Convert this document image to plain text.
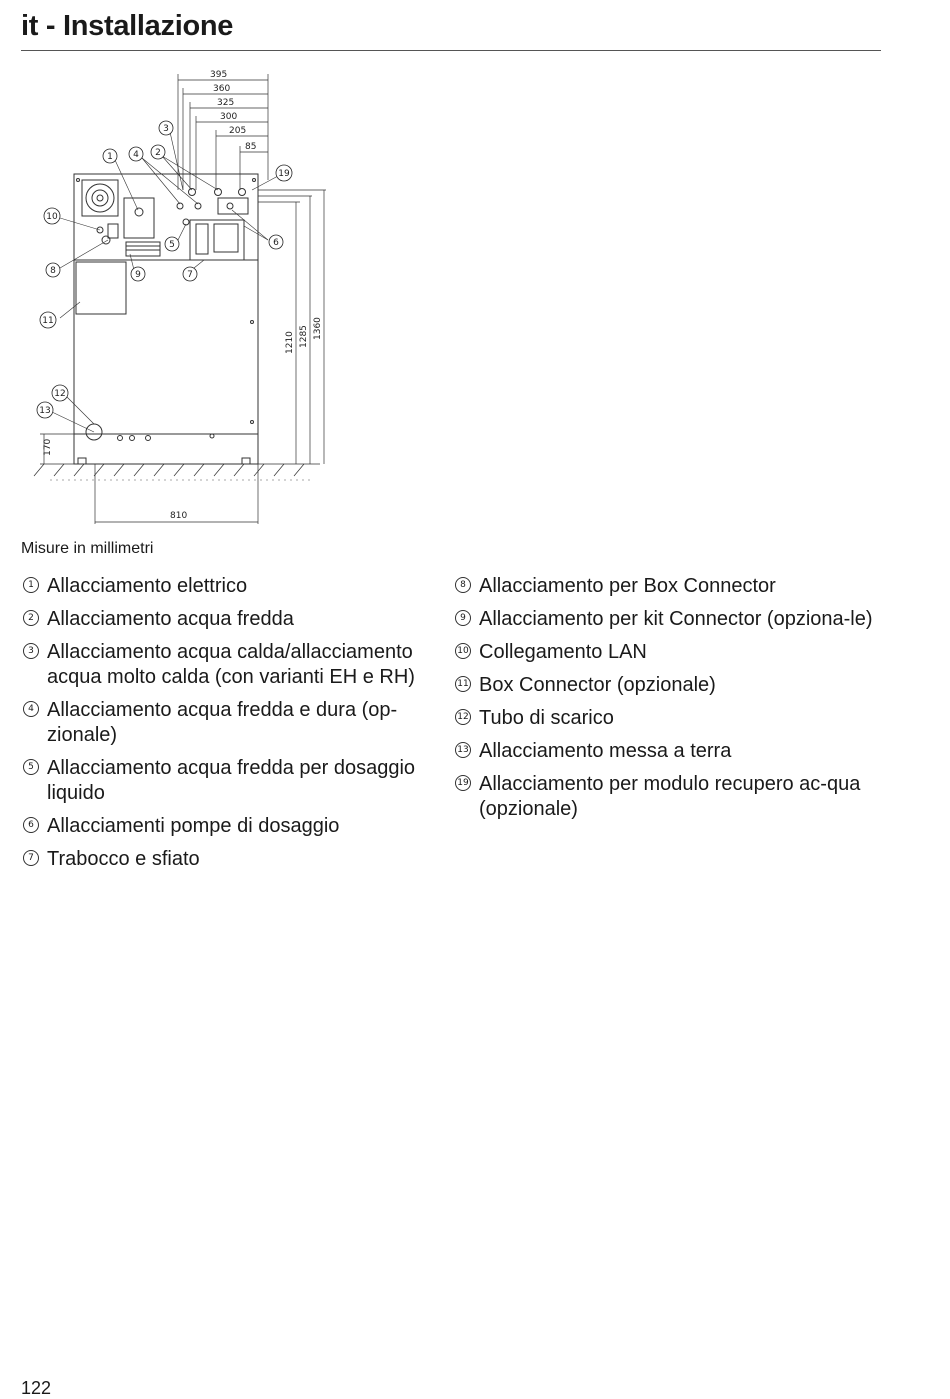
it - Installazione
395
360
325
300
205
85
1210 1285 1360
170
810
1	2
3
4
5	6
7
8	9
10
11
12
13
19
Misure in millimetri
1 Allacciamento elettrico
2 Allacciamento acqua fredda
3 Allacciamento acqua calda/allacciamento acqua molto calda (con varianti EH e RH)
4 Allacciamento acqua fredda e dura (op-zionale)
5 Allacciamento acqua fredda per dosaggio liquido
6 Allacciamenti pompe di dosaggio
7 Trabocco e sfiato
8 Allacciamento per Box Connector
9 Allacciamento per kit Connector (opziona-le)
10 Collegamento LAN
11 Box Connector (opzionale)
12 Tubo di scarico
13 Allacciamento messa a terra
19 Allacciamento per modulo recupero ac-qua (opzionale)
122
